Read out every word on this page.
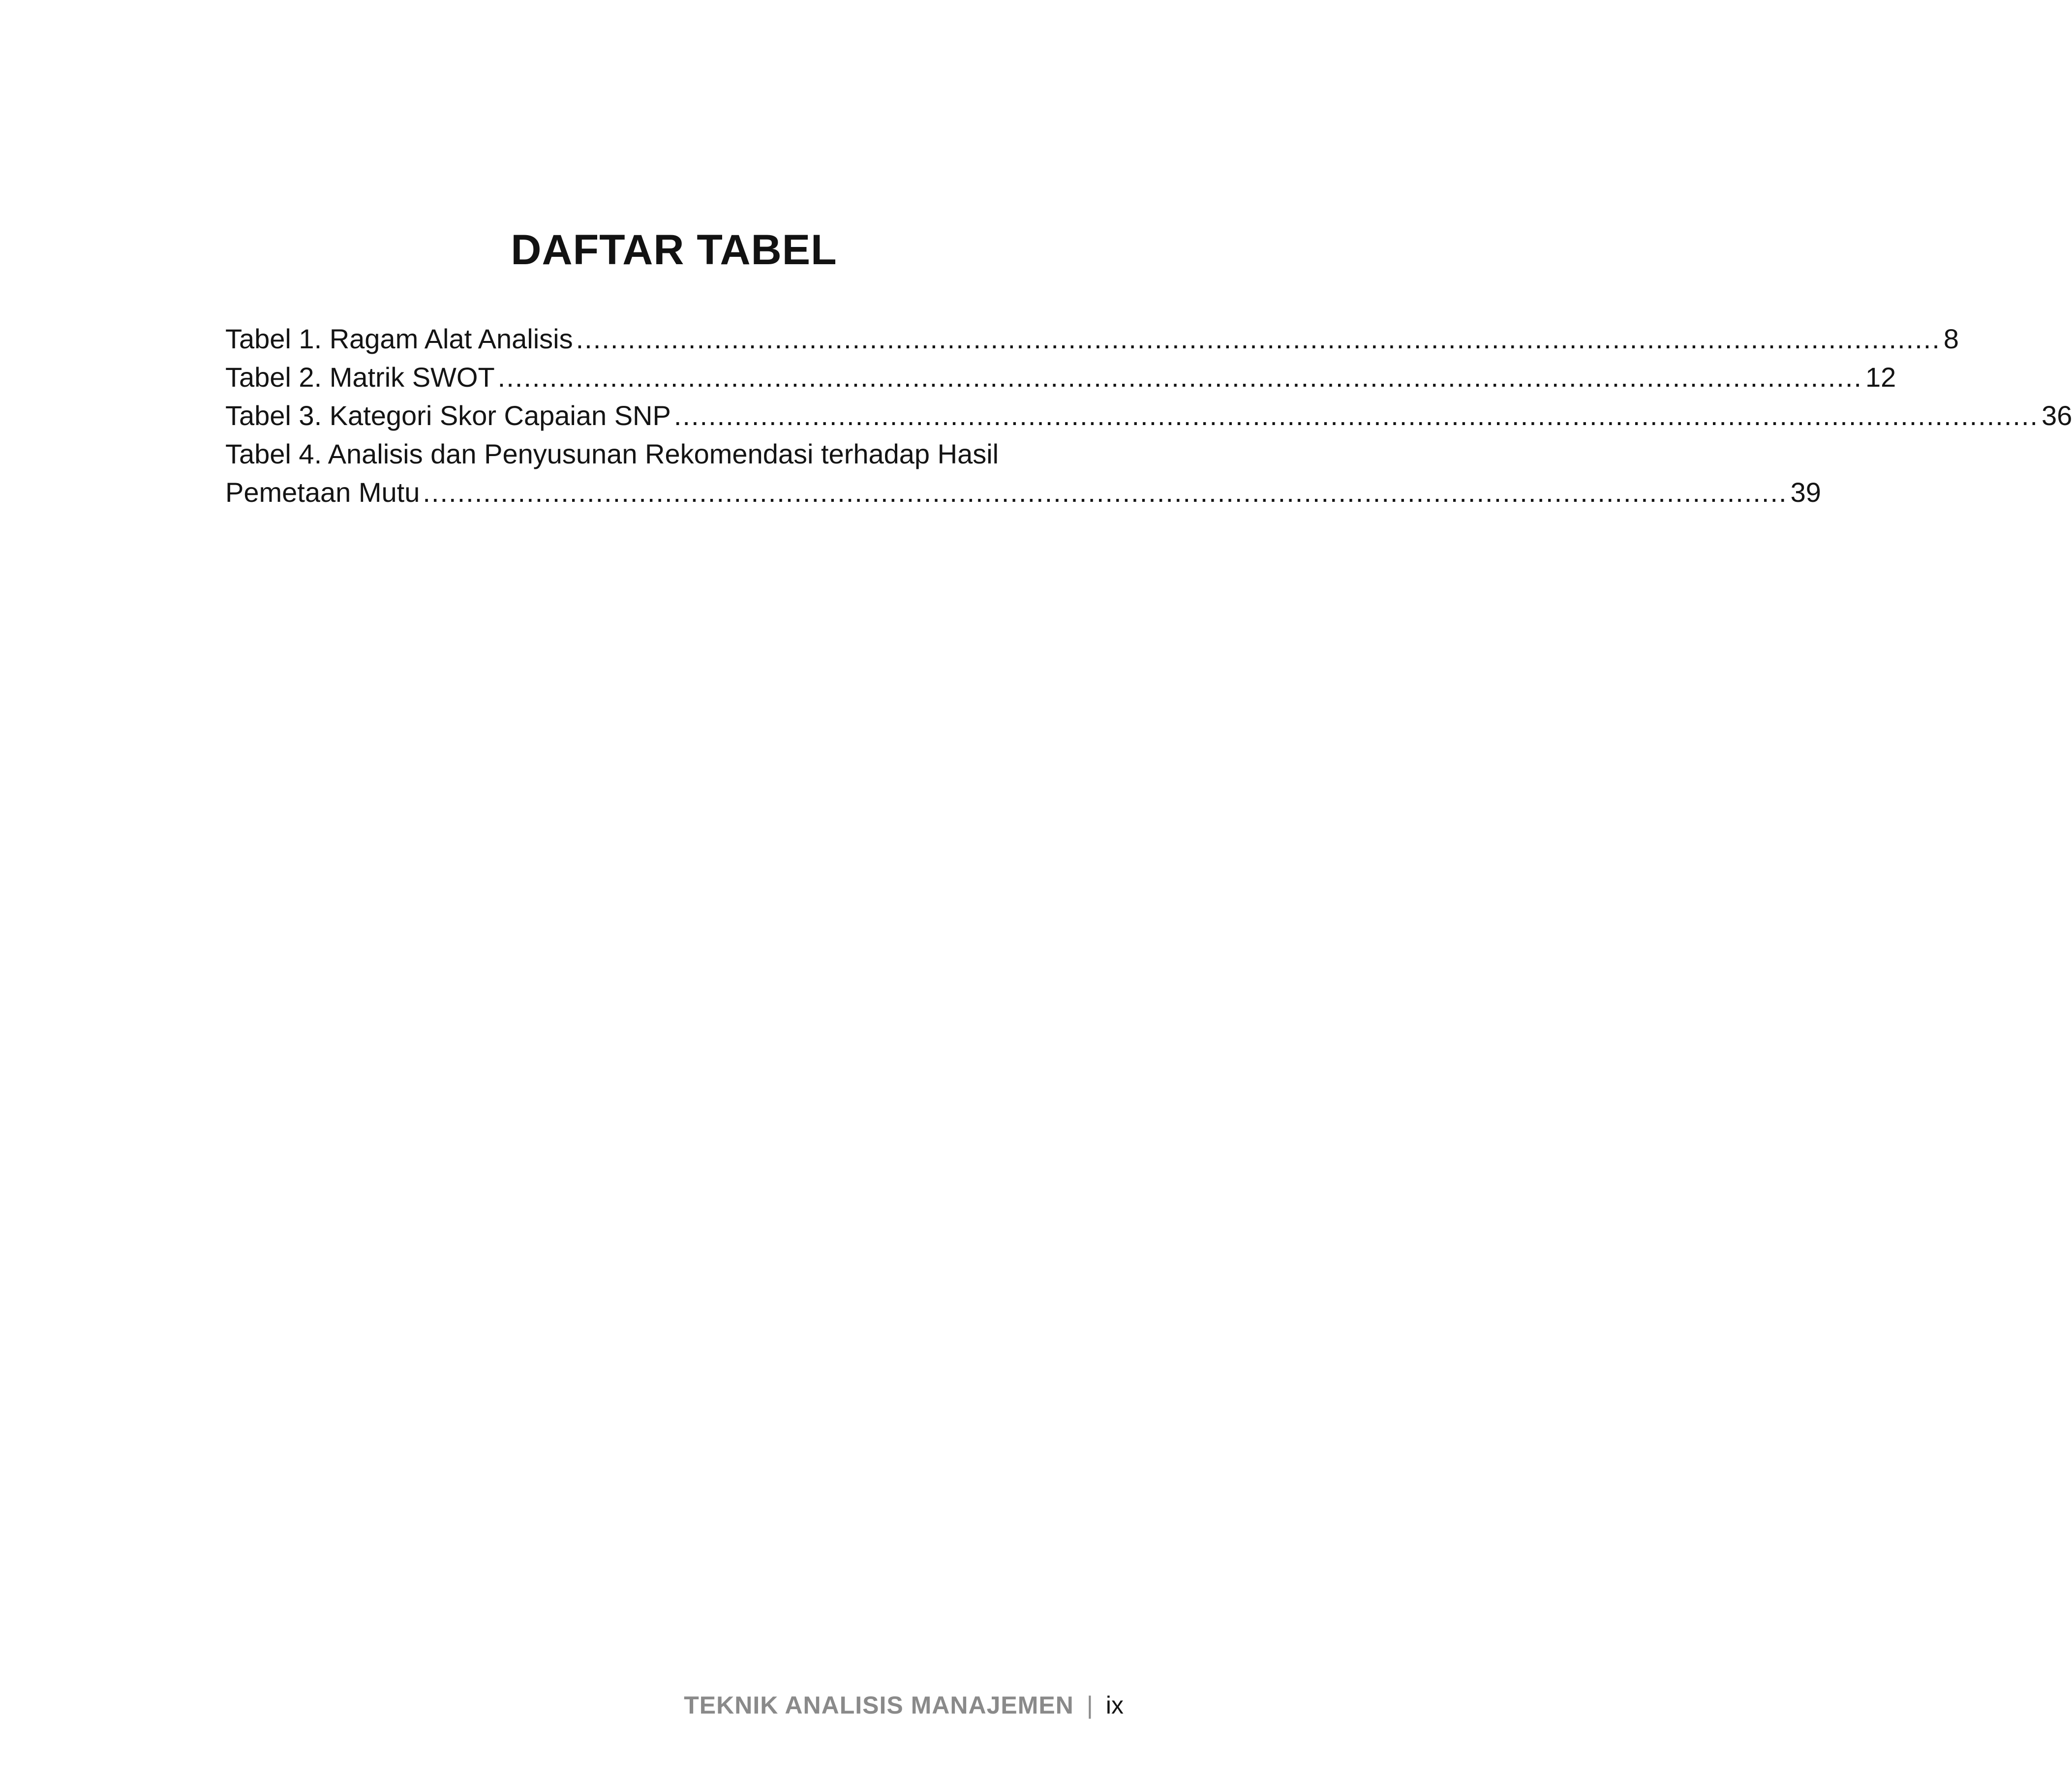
DAFTAR TABEL
Tabel 1. Ragam Alat Analisis .............................................................................................................................................................. 8
Tabel 2. Matrik SWOT .............................................................................................................................................................. 12
Tabel 3. Kategori Skor Capaian SNP .............................................................................................................................................................. 36
Tabel 4. Analisis dan Penyusunan Rekomendasi terhadap Hasil
Pemetaan Mutu .............................................................................................................................................................. 39
TEKNIK ANALISIS MANAJEMEN | ix
